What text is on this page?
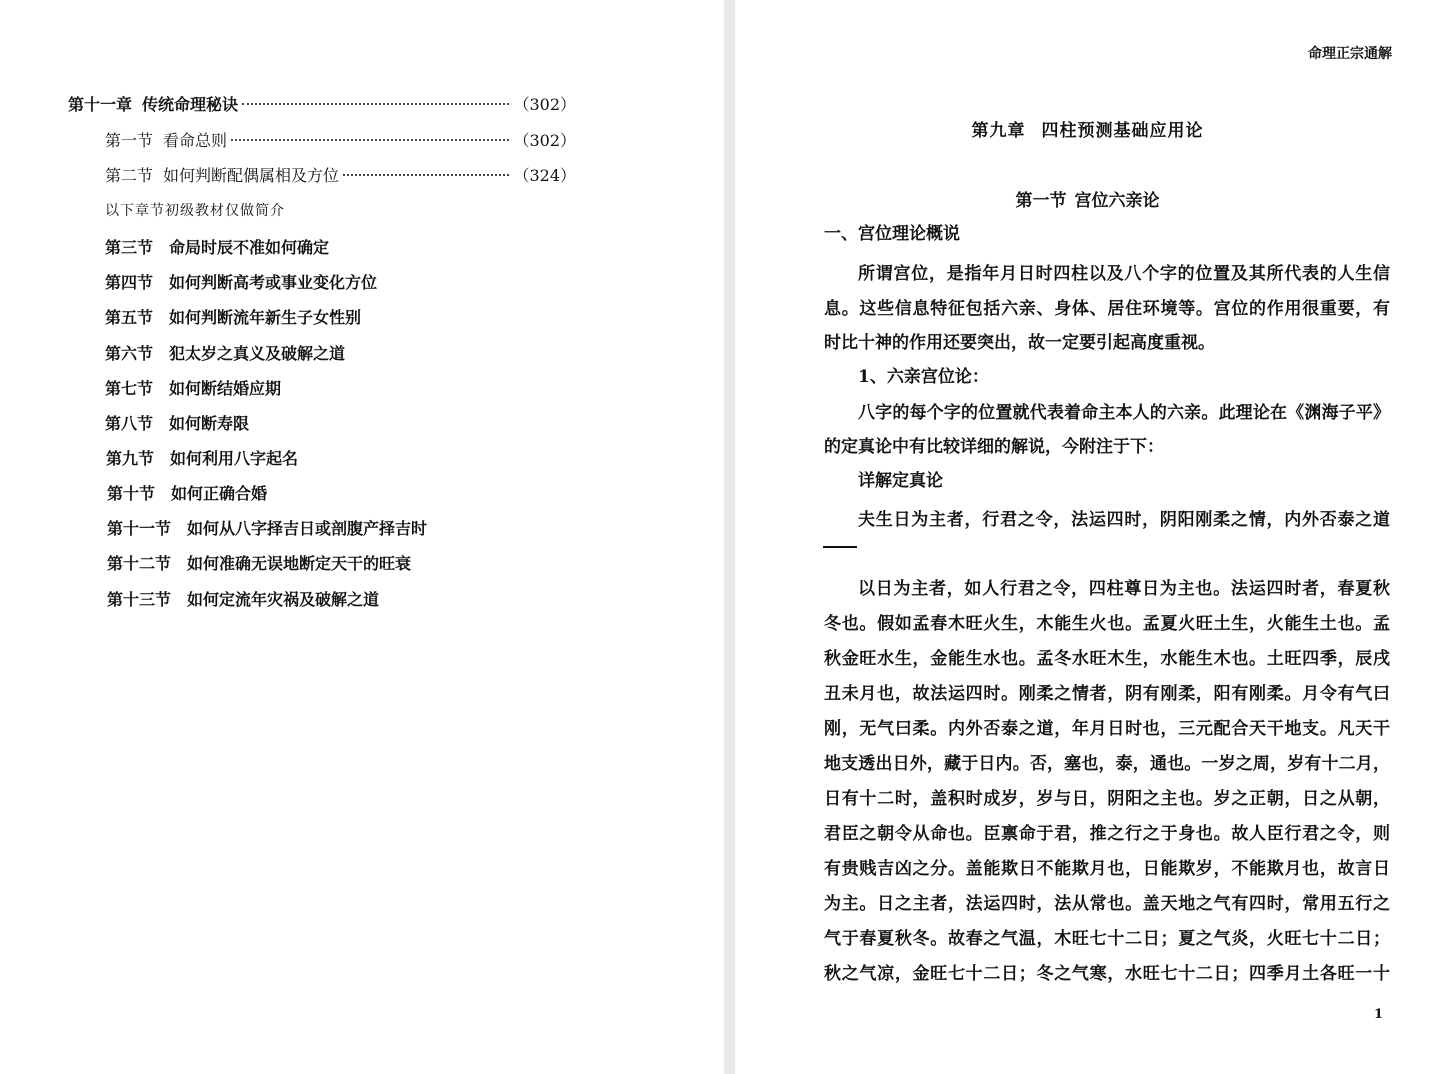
第十一章 传统命理秘诀	（302）
第一节 看命总则	（302）
第二节 如何判断配偶属相及方位	（324）
以下章节初级教材仅做简介
第三节 命局时辰不准如何确定
第四节 如何判断高考或事业变化方位
第五节 如何判断流年新生子女性别
第六节 犯太岁之真义及破解之道
第七节 如何断结婚应期
第八节 如何断寿限
第九节 如何利用八字起名
第十节 如何正确合婚
第十一节 如何从八字择吉日或剖腹产择吉时
第十二节 如何准确无误地断定天干的旺衰
第十三节 如何定流年灾祸及破解之道
命理正宗通解
第九章 四柱预测基础应用论
第一节 宫位六亲论
一、宫位理论概说
所谓宫位，是指年月日时四柱以及八个字的位置及其所代表的人生信
息。这些信息特征包括六亲、身体、居住环境等。宫位的作用很重要，有
时比十神的作用还要突出，故一定要引起高度重视。
1、六亲宫位论：
八字的每个字的位置就代表着命主本人的六亲。此理论在《渊海子平》
的定真论中有比较详细的解说，今附注于下：
详解定真论
夫生日为主者，行君之令，法运四时，阴阳刚柔之情，内外否泰之道
以日为主者，如人行君之令，四柱尊日为主也。法运四时者，春夏秋
冬也。假如孟春木旺火生，木能生火也。孟夏火旺土生，火能生土也。孟
秋金旺水生，金能生水也。孟冬水旺木生，水能生木也。土旺四季，辰戌
丑未月也，故法运四时。刚柔之情者，阴有刚柔，阳有刚柔。月令有气曰
刚，无气曰柔。内外否泰之道，年月日时也，三元配合天干地支。凡天干
地支透出日外，藏于日内。否，塞也，泰，通也。一岁之周，岁有十二月，
日有十二时，盖积时成岁，岁与日，阴阳之主也。岁之正朝，日之从朝，
君臣之朝令从命也。臣禀命于君，推之行之于身也。故人臣行君之令，则
有贵贱吉凶之分。盖能欺日不能欺月也，日能欺岁，不能欺月也，故言日
为主。日之主者，法运四时，法从常也。盖天地之气有四时，常用五行之
气于春夏秋冬。故春之气温，木旺七十二日；夏之气炎，火旺七十二日；
秋之气凉，金旺七十二日；冬之气寒，水旺七十二日；四季月土各旺一十
1
